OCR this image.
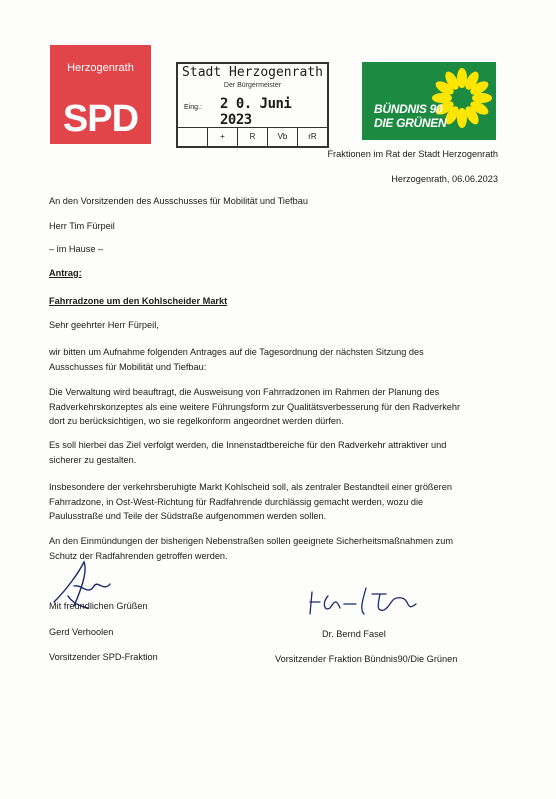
Herzogenrath
SPD
Stadt Herzogenrath
Der Bürgermeister
Eing.: 2 0. Juni 2023
+	R	Vb	rR
BÜNDNIS 90
DIE GRÜNEN
Fraktionen im Rat der Stadt Herzogenrath
Herzogenrath, 06.06.2023
An den Vorsitzenden des Ausschusses für Mobilität und Tiefbau
Herr Tim Fürpeil
– im Hause –
Antrag:
Fahrradzone um den Kohlscheider Markt
Sehr geehrter Herr Fürpeil,
wir bitten um Aufnahme folgenden Antrages auf die Tagesordnung der nächsten Sitzung des
Ausschusses für Mobilität und Tiefbau:
Die Verwaltung wird beauftragt, die Ausweisung von Fahrradzonen im Rahmen der Planung des
Radverkehrskonzeptes als eine weitere Führungsform zur Qualitätsverbesserung für den Radverkehr
dort zu berücksichtigen, wo sie regelkonform angeordnet werden dürfen.
Es soll hierbei das Ziel verfolgt werden, die Innenstadtbereiche für den Radverkehr attraktiver und
sicherer zu gestalten.
Insbesondere der verkehrsberuhigte Markt Kohlscheid soll, als zentraler Bestandteil einer größeren
Fahrradzone, in Ost-West-Richtung für Radfahrende durchlässig gemacht werden, wozu die
Paulusstraße und Teile der Südstraße aufgenommen werden sollen.
An den Einmündungen der bisherigen Nebenstraßen sollen geeignete Sicherheitsmaßnahmen zum
Schutz der Radfahrenden getroffen werden.
Mit freundlichen Grüßen
Gerd Verhoolen	Dr. Bernd Fasel
Vorsitzender SPD-Fraktion	Vorsitzender Fraktion Bündnis90/Die Grünen
